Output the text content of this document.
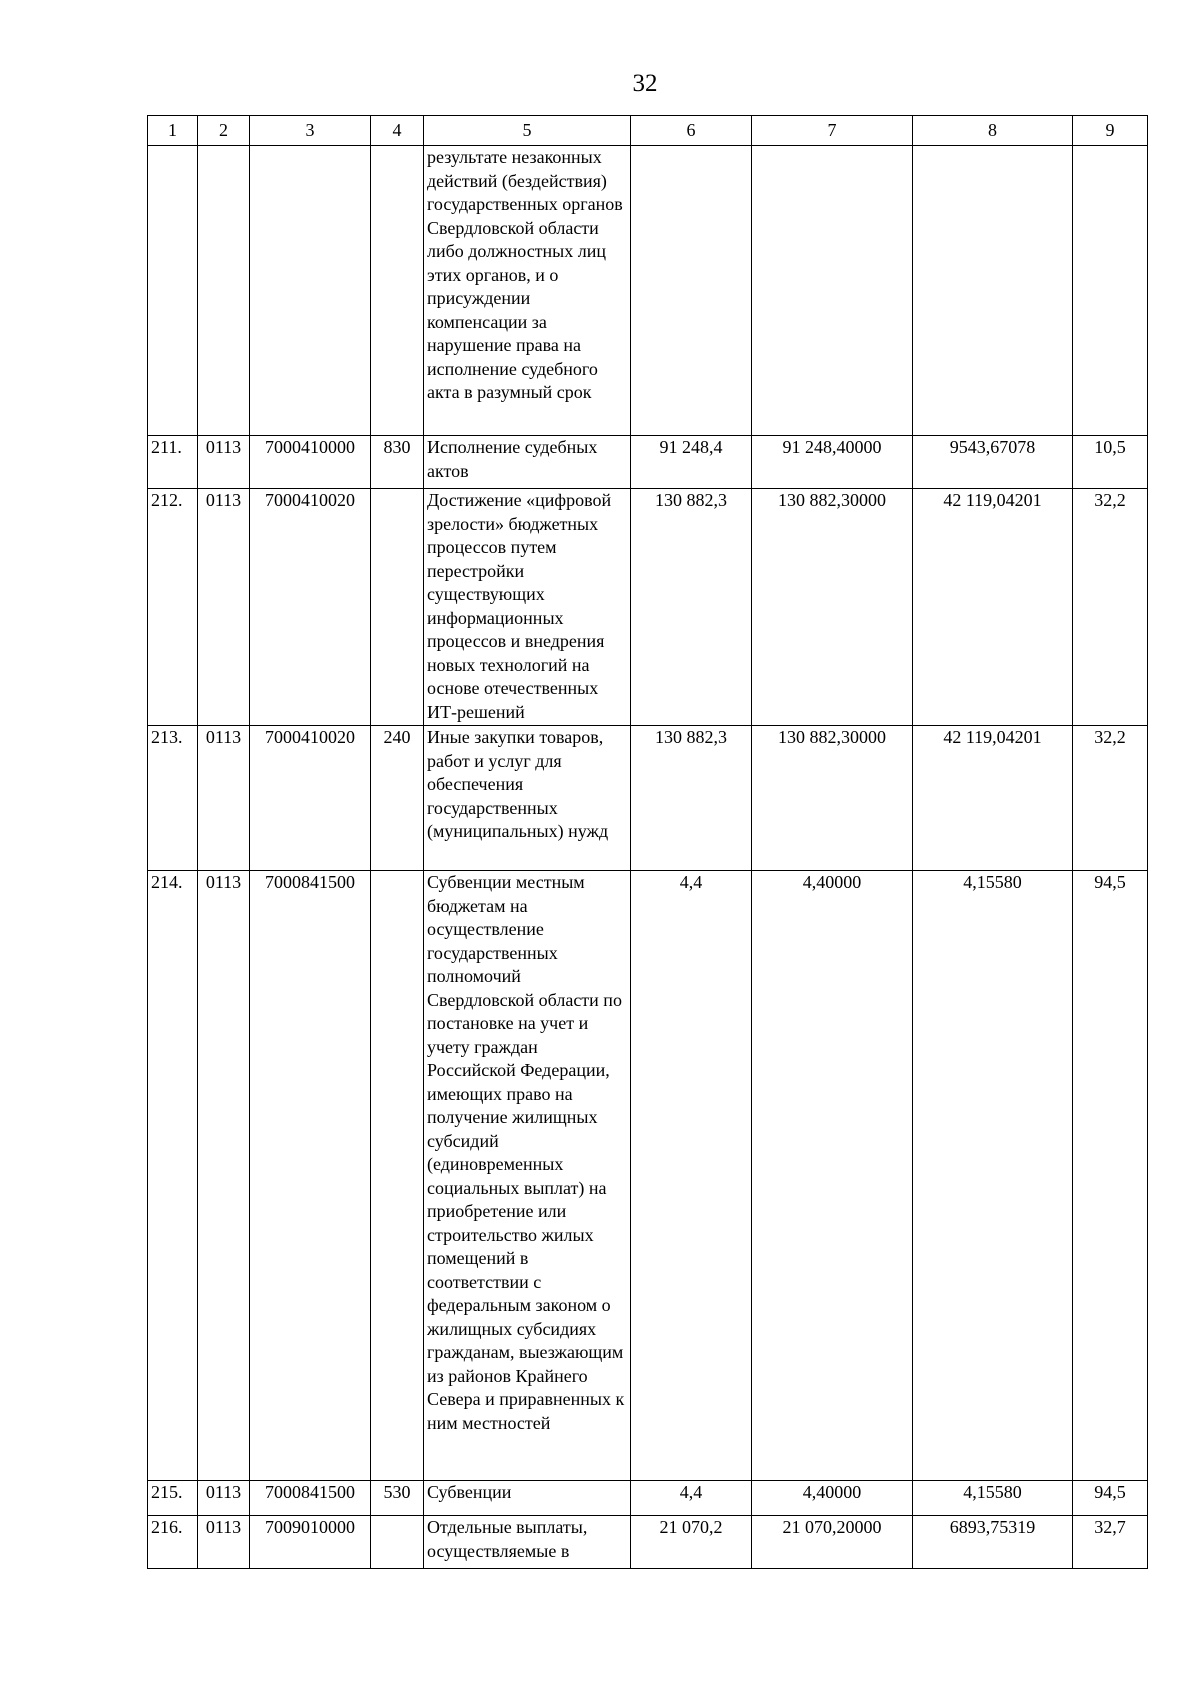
32
1	2	3	4	5	6	7	8	9
				результате незаконных действий (бездействия) государственных органов Свердловской области либо должностных лиц этих органов, и о присуждении компенсации за нарушение права на исполнение судебного акта в разумный срок				
211.	0113	7000410000	830	Исполнение судебных актов	91 248,4	91 248,40000	9543,67078	10,5
212.	0113	7000410020		Достижение «цифровой зрелости» бюджетных процессов путем перестройки существующих информационных процессов и внедрения новых технологий на основе отечественных ИТ-решений	130 882,3	130 882,30000	42 119,04201	32,2
213.	0113	7000410020	240	Иные закупки товаров, работ и услуг для обеспечения государственных (муниципальных) нужд	130 882,3	130 882,30000	42 119,04201	32,2
214.	0113	7000841500		Субвенции местным бюджетам на осуществление государственных полномочий Свердловской области по постановке на учет и учету граждан Российской Федерации, имеющих право на получение жилищных субсидий (единовременных социальных выплат) на приобретение или строительство жилых помещений в соответствии с федеральным законом о жилищных субсидиях гражданам, выезжающим из районов Крайнего Севера и приравненных к ним местностей	4,4	4,40000	4,15580	94,5
215.	0113	7000841500	530	Субвенции	4,4	4,40000	4,15580	94,5
216.	0113	7009010000		Отдельные выплаты, осуществляемые в	21 070,2	21 070,20000	6893,75319	32,7
